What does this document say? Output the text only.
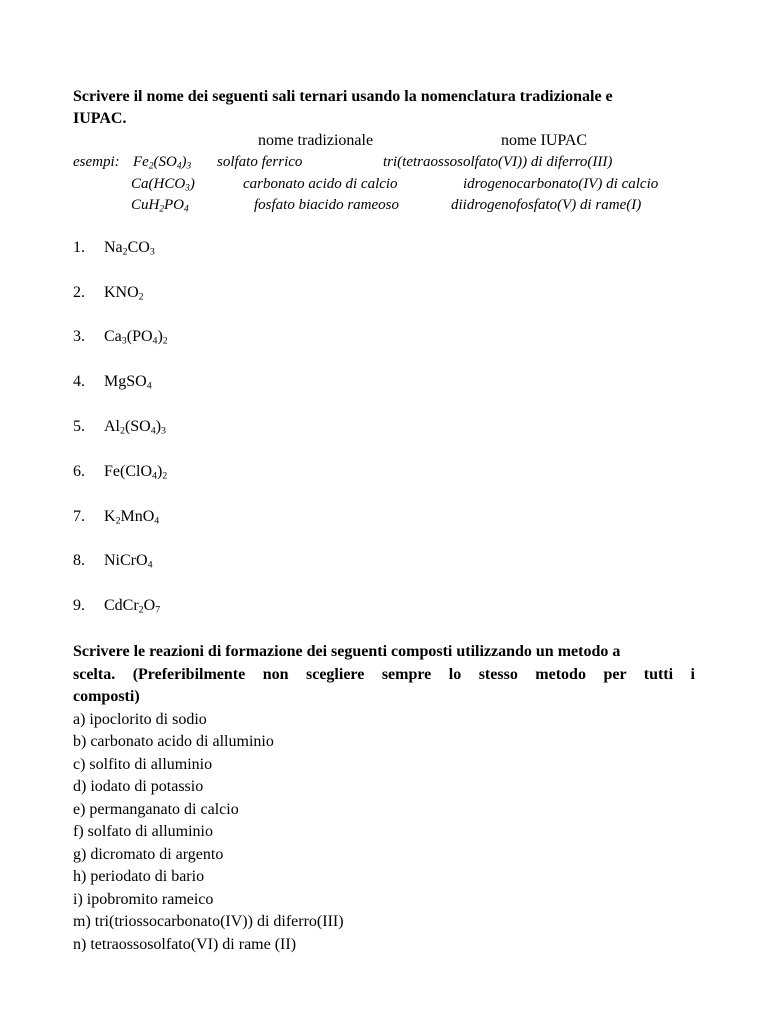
Scrivere il nome dei seguenti sali ternari usando la nomenclatura tradizionale e
IUPAC.
nome tradizionale	nome IUPAC
esempi: $Fe_2(SO_4)_3$ solfato ferrico	tri(tetraossosolfato(VI)) di diferro(III)
$Ca(HCO_3)$	carbonato acido di calcio	idrogenocarbonato(IV) di calcio
$CuH_2PO_4$	fosfato biacido rameoso	diidrogenofosfato(V) di rame(I)
1. $Na_2CO_3$
2. $KNO_2$
3. $Ca_3(PO_4)_2$
4. MgSO$_4$
5. $Al_2(SO_4)_3$
6. $Fe(ClO_4)_2$
7. $K_2MnO_4$
8. NiCrO$_4$
9. $CdCr_2O_7$
Scrivere le reazioni di formazione dei seguenti composti utilizzando un metodo a
scelta. (Preferibilmente non scegliere sempre lo stesso metodo per tutti i
composti)
a) ipoclorito di sodio
b) carbonato acido di alluminio
c) solfito di alluminio
d) iodato di potassio
e) permanganato di calcio
f) solfato di alluminio
g) dicromato di argento
h) periodato di bario
i) ipobromito rameico
m) tri(triossocarbonato(IV)) di diferro(III)
n) tetraossosolfato(VI) di rame (II)
